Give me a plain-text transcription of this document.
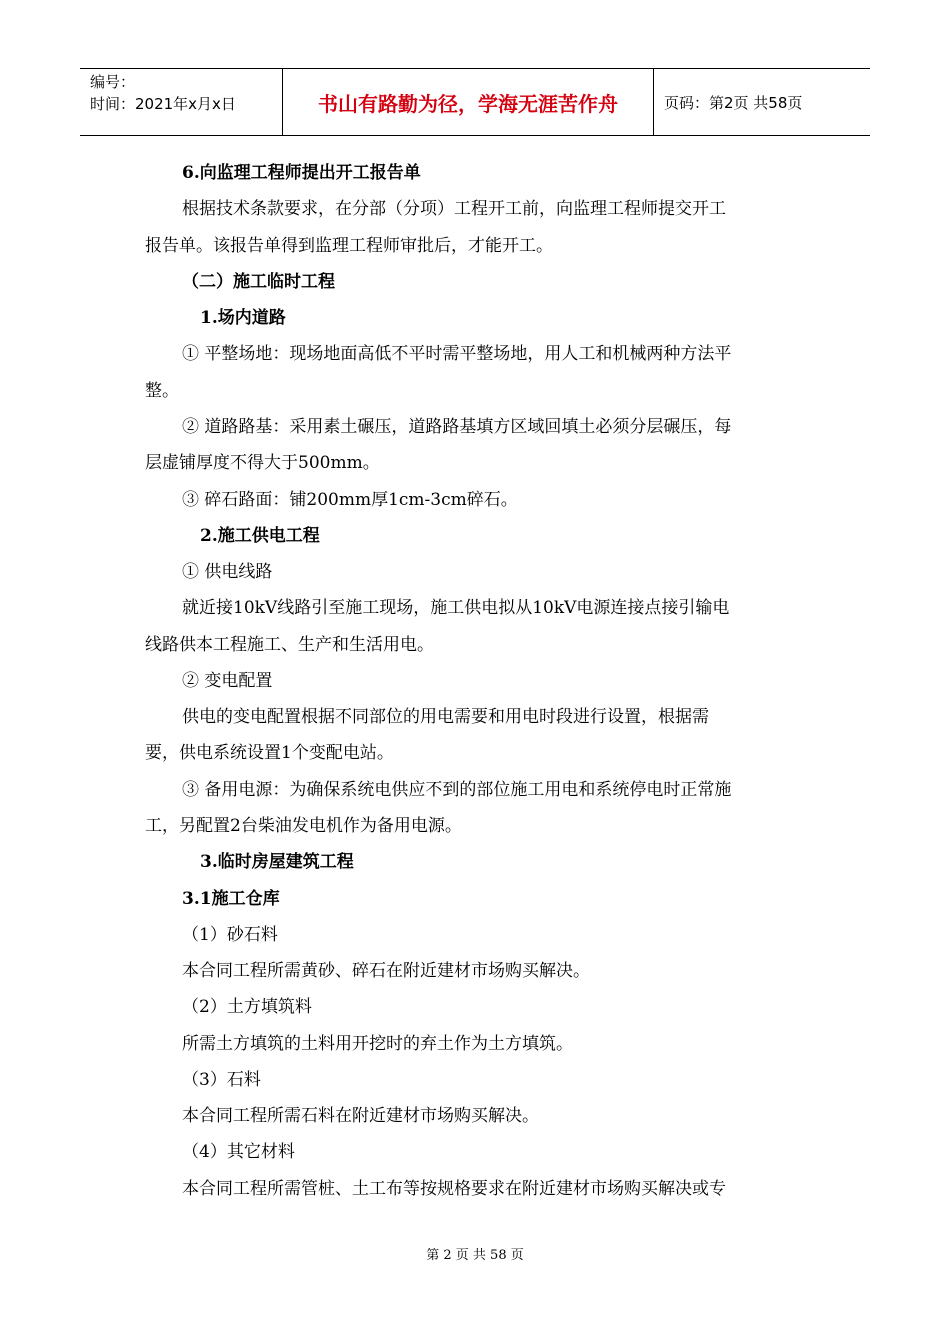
编号：
时间：2021年x月x日	书山有路勤为径，学海无涯苦作舟	页码：第2页 共58页
6.向监理工程师提出开工报告单
根据技术条款要求，在分部（分项）工程开工前，向监理工程师提交开工
报告单。该报告单得到监理工程师审批后，才能开工。
（二）施工临时工程
1.场内道路
① 平整场地：现场地面高低不平时需平整场地，用人工和机械两种方法平
整。
② 道路路基：采用素土碾压，道路路基填方区域回填土必须分层碾压，每
层虚铺厚度不得大于500mm。
③ 碎石路面：铺200mm厚1cm-3cm碎石。
2.施工供电工程
① 供电线路
就近接10kV线路引至施工现场，施工供电拟从10kV电源连接点接引输电
线路供本工程施工、生产和生活用电。
② 变电配置
供电的变电配置根据不同部位的用电需要和用电时段进行设置，根据需
要，供电系统设置1个变配电站。
③ 备用电源：为确保系统电供应不到的部位施工用电和系统停电时正常施
工，另配置2台柴油发电机作为备用电源。
3.临时房屋建筑工程
3.1施工仓库
（1）砂石料
本合同工程所需黄砂、碎石在附近建材市场购买解决。
（2）土方填筑料
所需土方填筑的土料用开挖时的弃土作为土方填筑。
（3）石料
本合同工程所需石料在附近建材市场购买解决。
（4）其它材料
本合同工程所需管桩、土工布等按规格要求在附近建材市场购买解决或专
第 2 页 共 58 页
